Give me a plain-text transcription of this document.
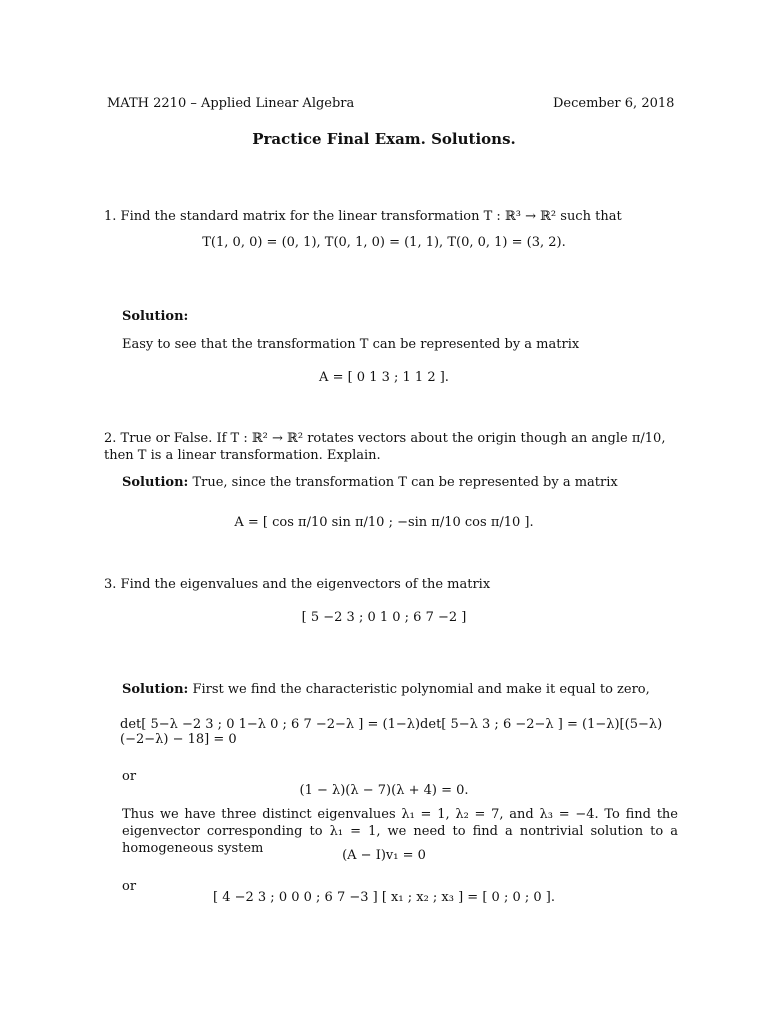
MATH 2210 – Applied Linear Algebra	December 6, 2018
Practice Final Exam. Solutions.
1. Find the standard matrix for the linear transformation T : ℝ³ → ℝ² such that
T(1, 0, 0) = (0, 1), T(0, 1, 0) = (1, 1), T(0, 0, 1) = (3, 2).
Solution:
Easy to see that the transformation T can be represented by a matrix
A = [ 0 1 3 ; 1 1 2 ].
2. True or False. If T : ℝ² → ℝ² rotates vectors about the origin though an angle π/10, then T is a linear transformation. Explain.
Solution: True, since the transformation T can be represented by a matrix
A = [ cos π/10 sin π/10 ; −sin π/10 cos π/10 ].
3. Find the eigenvalues and the eigenvectors of the matrix
[ 5 −2 3 ; 0 1 0 ; 6 7 −2 ]
Solution: First we find the characteristic polynomial and make it equal to zero,
det[ 5−λ −2 3 ; 0 1−λ 0 ; 6 7 −2−λ ] = (1−λ)det[ 5−λ 3 ; 6 −2−λ ] = (1−λ)[(5−λ)(−2−λ) − 18] = 0
or
(1 − λ)(λ − 7)(λ + 4) = 0.
Thus we have three distinct eigenvalues λ₁ = 1, λ₂ = 7, and λ₃ = −4. To find the eigenvector corresponding to λ₁ = 1, we need to find a nontrivial solution to a homogeneous system	(A − I)v₁ = 0
or
[ 4 −2 3 ; 0 0 0 ; 6 7 −3 ] [ x₁ ; x₂ ; x₃ ] = [ 0 ; 0 ; 0 ].
